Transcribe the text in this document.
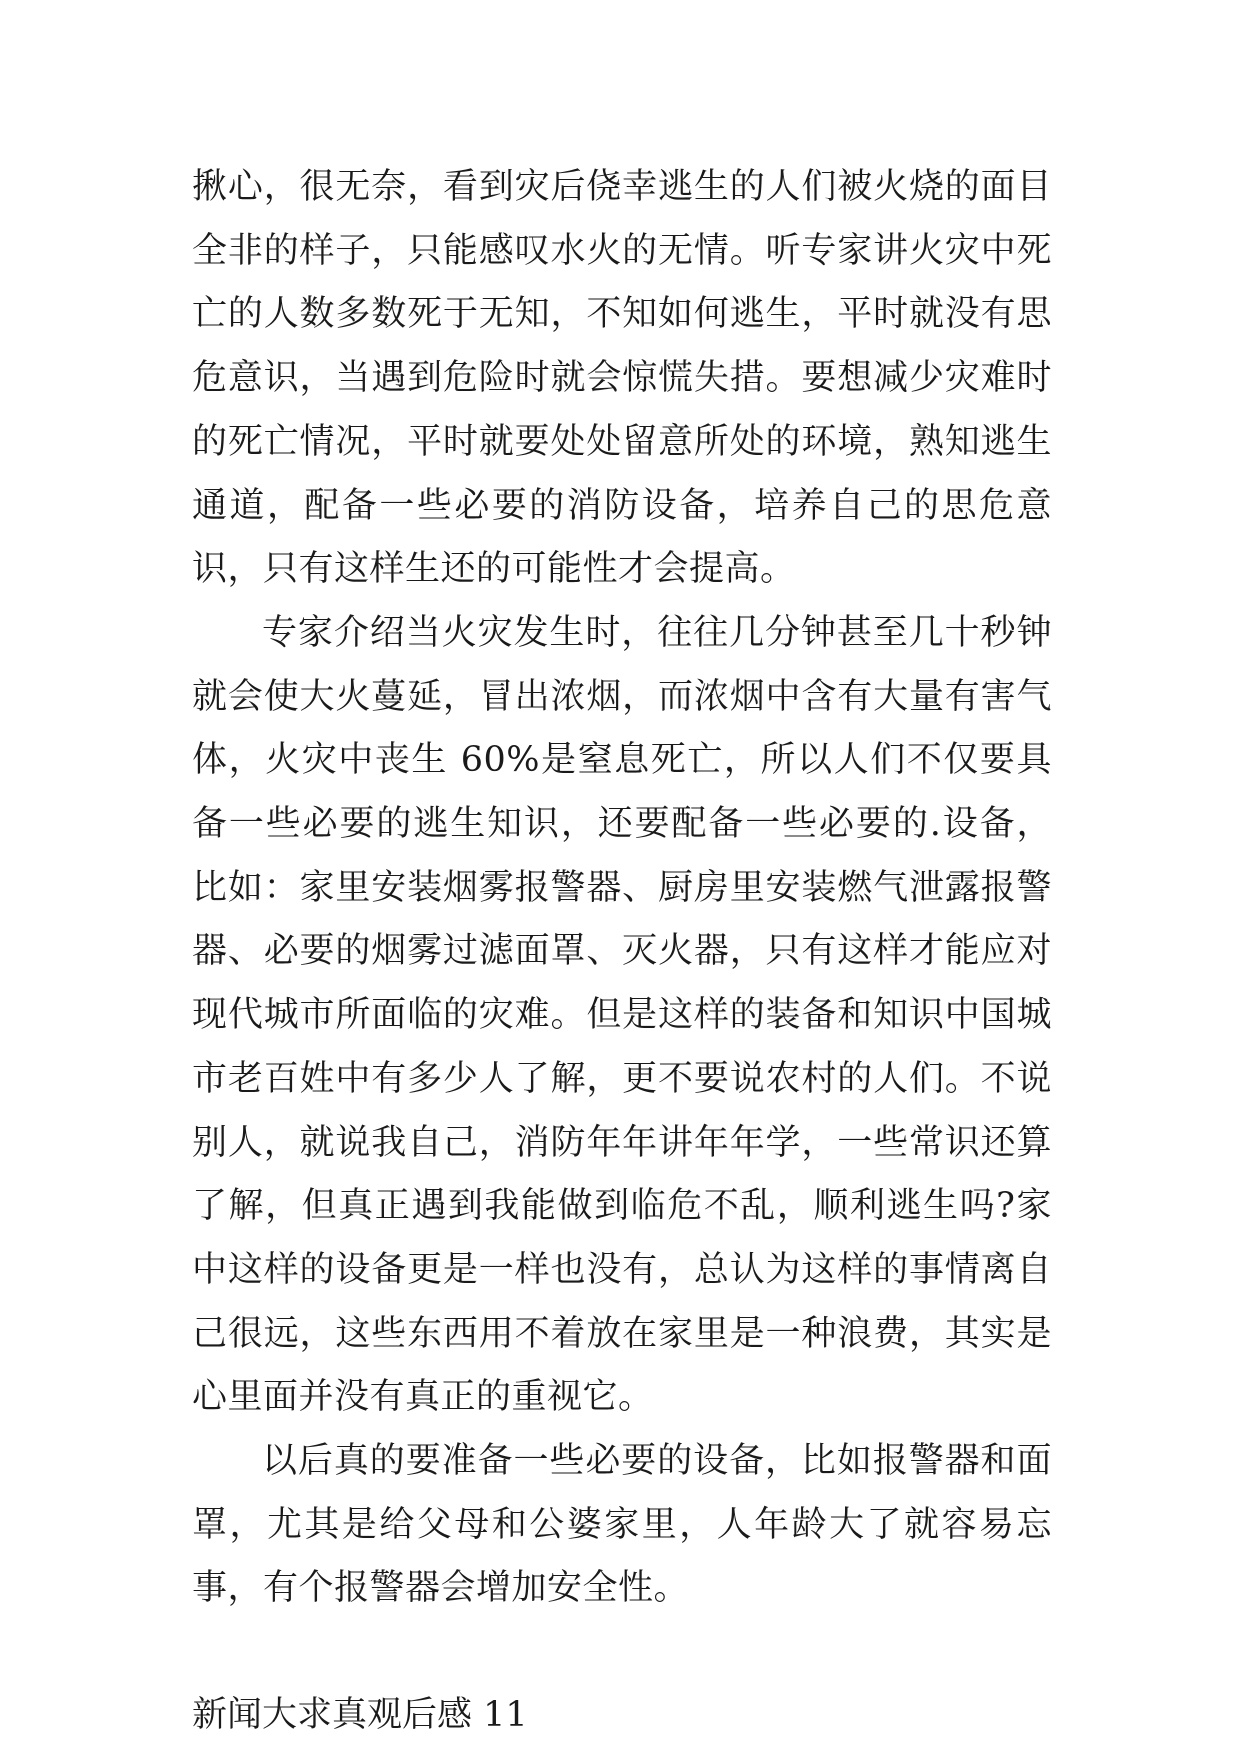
揪心，很无奈，看到灾后侥幸逃生的人们被火烧的面目全非的样子，只能感叹水火的无情。听专家讲火灾中死亡的人数多数死于无知，不知如何逃生，平时就没有思危意识，当遇到危险时就会惊慌失措。要想减少灾难时的死亡情况，平时就要处处留意所处的环境，熟知逃生通道，配备一些必要的消防设备，培养自己的思危意识，只有这样生还的可能性才会提高。

专家介绍当火灾发生时，往往几分钟甚至几十秒钟就会使大火蔓延，冒出浓烟，而浓烟中含有大量有害气体，火灾中丧生 60%是窒息死亡，所以人们不仅要具备一些必要的逃生知识，还要配备一些必要的.设备，比如：家里安装烟雾报警器、厨房里安装燃气泄露报警器、必要的烟雾过滤面罩、灭火器，只有这样才能应对现代城市所面临的灾难。但是这样的装备和知识中国城市老百姓中有多少人了解，更不要说农村的人们。不说别人，就说我自己，消防年年讲年年学，一些常识还算了解，但真正遇到我能做到临危不乱，顺利逃生吗?家中这样的设备更是一样也没有，总认为这样的事情离自己很远，这些东西用不着放在家里是一种浪费，其实是心里面并没有真正的重视它。

以后真的要准备一些必要的设备，比如报警器和面罩，尤其是给父母和公婆家里，人年龄大了就容易忘事，有个报警器会增加安全性。

新闻大求真观后感 11
